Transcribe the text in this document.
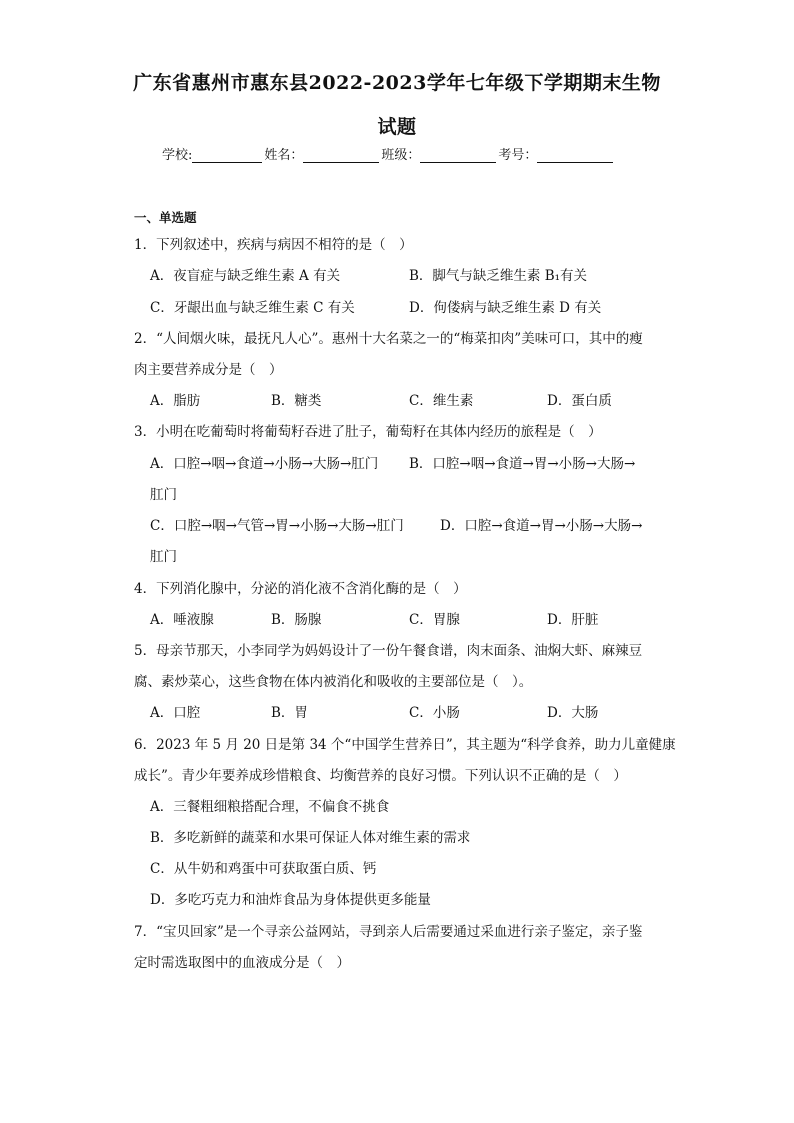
广东省惠州市惠东县2022-2023学年七年级下学期期末生物
试题
学校:	姓名：	班级：	考号：
一、单选题
1．下列叙述中，疾病与病因不相符的是（　）
A．夜盲症与缺乏维生素 A 有关	B．脚气与缺乏维生素 B₁有关
C．牙龈出血与缺乏维生素 C 有关	D．佝偻病与缺乏维生素 D 有关
2．“人间烟火味，最抚凡人心”。惠州十大名菜之一的“梅菜扣肉”美味可口，其中的瘦
肉主要营养成分是（　）
A．脂肪	B．糖类	C．维生素	D．蛋白质
3．小明在吃葡萄时将葡萄籽吞进了肚子，葡萄籽在其体内经历的旅程是（　）
A．口腔→咽→食道→小肠→大肠→肛门 B．口腔→咽→食道→胃→小肠→大肠→
肛门
C．口腔→咽→气管→胃→小肠→大肠→肛门	D．口腔→食道→胃→小肠→大肠→
肛门
4．下列消化腺中，分泌的消化液不含消化酶的是（　）
A．唾液腺	B．肠腺	C．胃腺	D．肝脏
5．母亲节那天，小李同学为妈妈设计了一份午餐食谱，肉末面条、油焖大虾、麻辣豆
腐、素炒菜心，这些食物在体内被消化和吸收的主要部位是（　）。
A．口腔	B．胃	C．小肠	D．大肠
6．2023 年 5 月 20 日是第 34 个“中国学生营养日”，其主题为“科学食养，助力儿童健康
成长”。青少年要养成珍惜粮食、均衡营养的良好习惯。下列认识不正确的是（　）
A．三餐粗细粮搭配合理，不偏食不挑食
B．多吃新鲜的蔬菜和水果可保证人体对维生素的需求
C．从牛奶和鸡蛋中可获取蛋白质、钙
D．多吃巧克力和油炸食品为身体提供更多能量
7．“宝贝回家”是一个寻亲公益网站，寻到亲人后需要通过采血进行亲子鉴定，亲子鉴
定时需选取图中的血液成分是（　）
